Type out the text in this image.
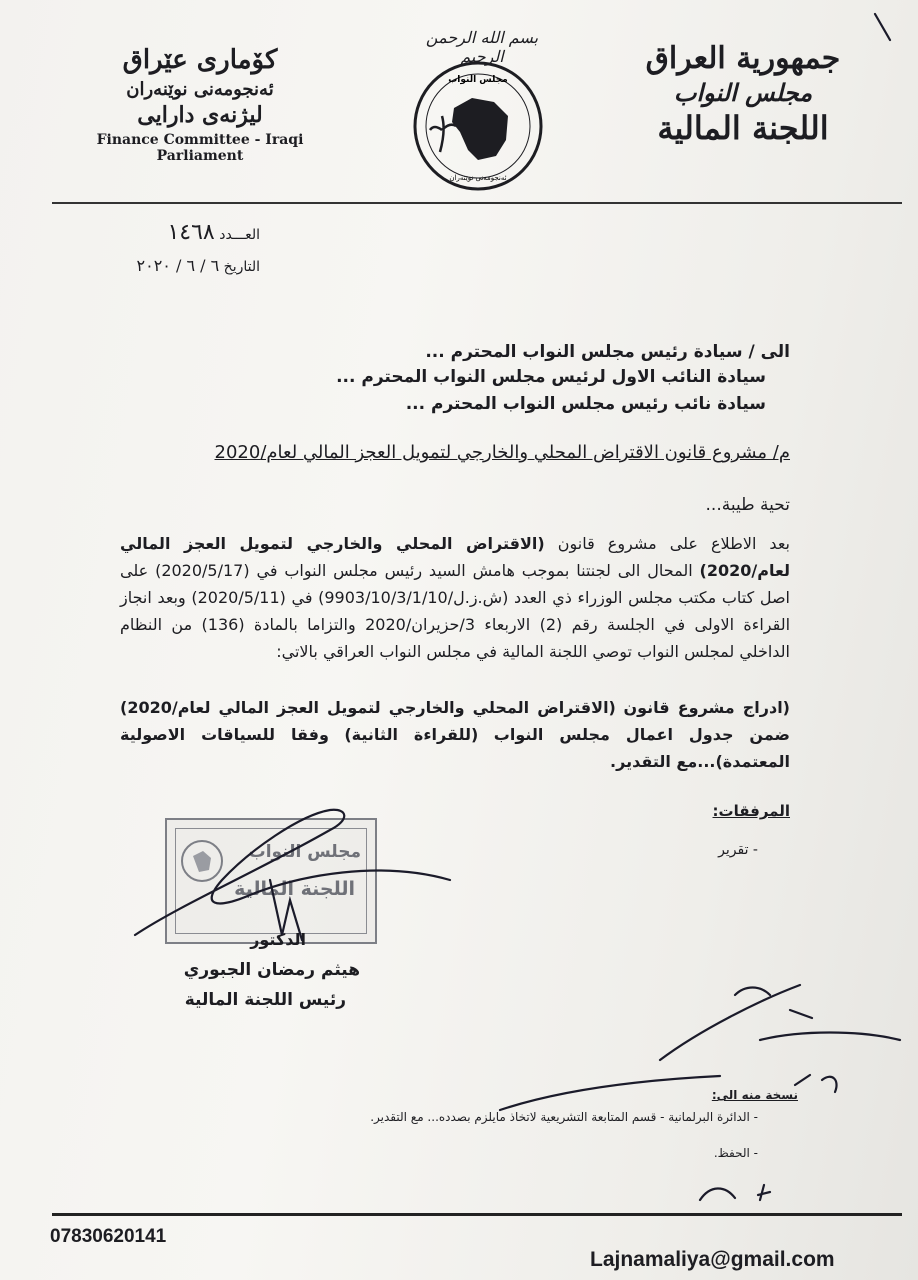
جمهورية العراق
مجلس النواب
اللجنة المالية
بسم الله الرحمن الرحيم
مجلس النواب
ئەنجومەنی نوێنەران
كۆماری عێراق
ئەنجومەنی نوێنەران
لیژنەی دارایی
Finance Committee - Iraqi
Parliament
العـــدد ١٤٦٨
التاريخ ٦ / ٦ / ٢٠٢٠
الى / سيادة رئيس مجلس النواب المحترم ...
سيادة النائب الاول لرئيس مجلس النواب المحترم ...
سيادة نائب رئيس مجلس النواب المحترم ...
م/ مشروع قانون الاقتراض المحلي والخارجي لتمويل العجز المالي لعام/2020
تحية طيبة...
بعد الاطلاع على مشروع قانون (الاقتراض المحلي والخارجي لتمويل العجز المالي لعام/2020) المحال الى لجنتنا بموجب هامش السيد رئيس مجلس النواب في (2020/5/17) على اصل كتاب مكتب مجلس الوزراء ذي العدد (ش.ز.ل/9903/10/3/1/10) في (2020/5/11) وبعد انجاز القراءة الاولى في الجلسة رقم (2) الاربعاء 3/حزيران/2020 والتزاما بالمادة (136) من النظام الداخلي لمجلس النواب توصي اللجنة المالية في مجلس النواب العراقي بالاتي:
(ادراج مشروع قانون (الاقتراض المحلي والخارجي لتمويل العجز المالي لعام/2020) ضمن جدول اعمال مجلس النواب (للقراءة الثانية) وفقا للسياقات الاصولية المعتمدة)...مع التقدير.
المرفقات:
- تقرير
مجلس النواب
اللجنة المالية
الدكتور
هيثم رمضان الجبوري
رئيس اللجنة المالية
نسخة منه الى:
- الدائرة البرلمانية - قسم المتابعة التشريعية لاتخاذ مايلزم بصدده... مع التقدير.
- الحفظ.
07830620141
Lajnamaliya@gmail.com
